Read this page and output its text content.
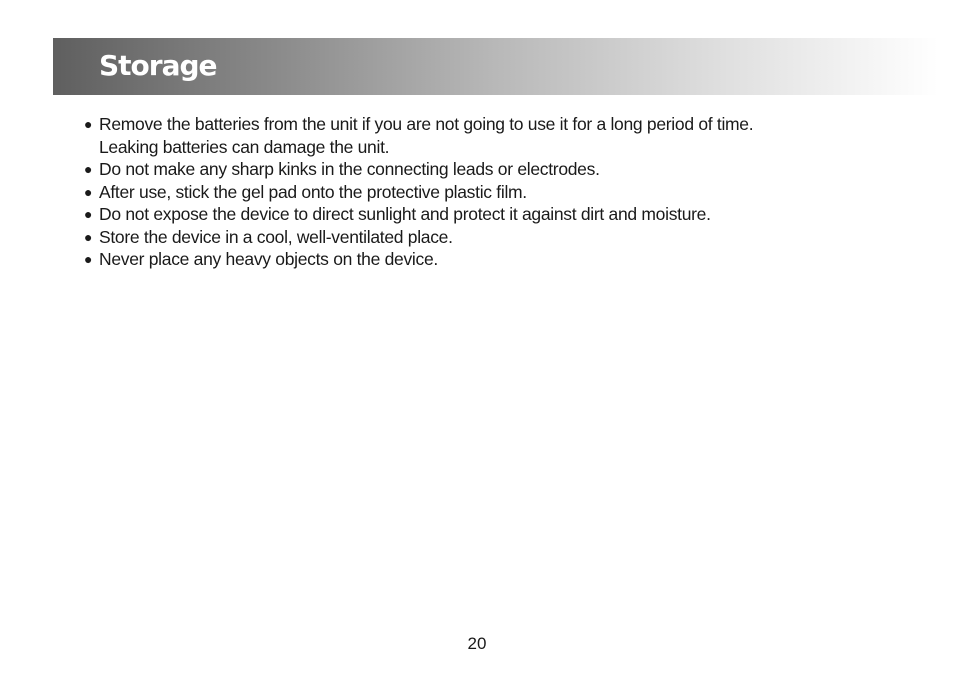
Storage
● Remove the batteries from the unit if you are not going to use it for a long period of time.
Leaking batteries can damage the unit.
● Do not make any sharp kinks in the connecting leads or electrodes.
● After use, stick the gel pad onto the protective plastic film.
● Do not expose the device to direct sunlight and protect it against dirt and moisture.
● Store the device in a cool, well-ventilated place.
● Never place any heavy objects on the device.
20
